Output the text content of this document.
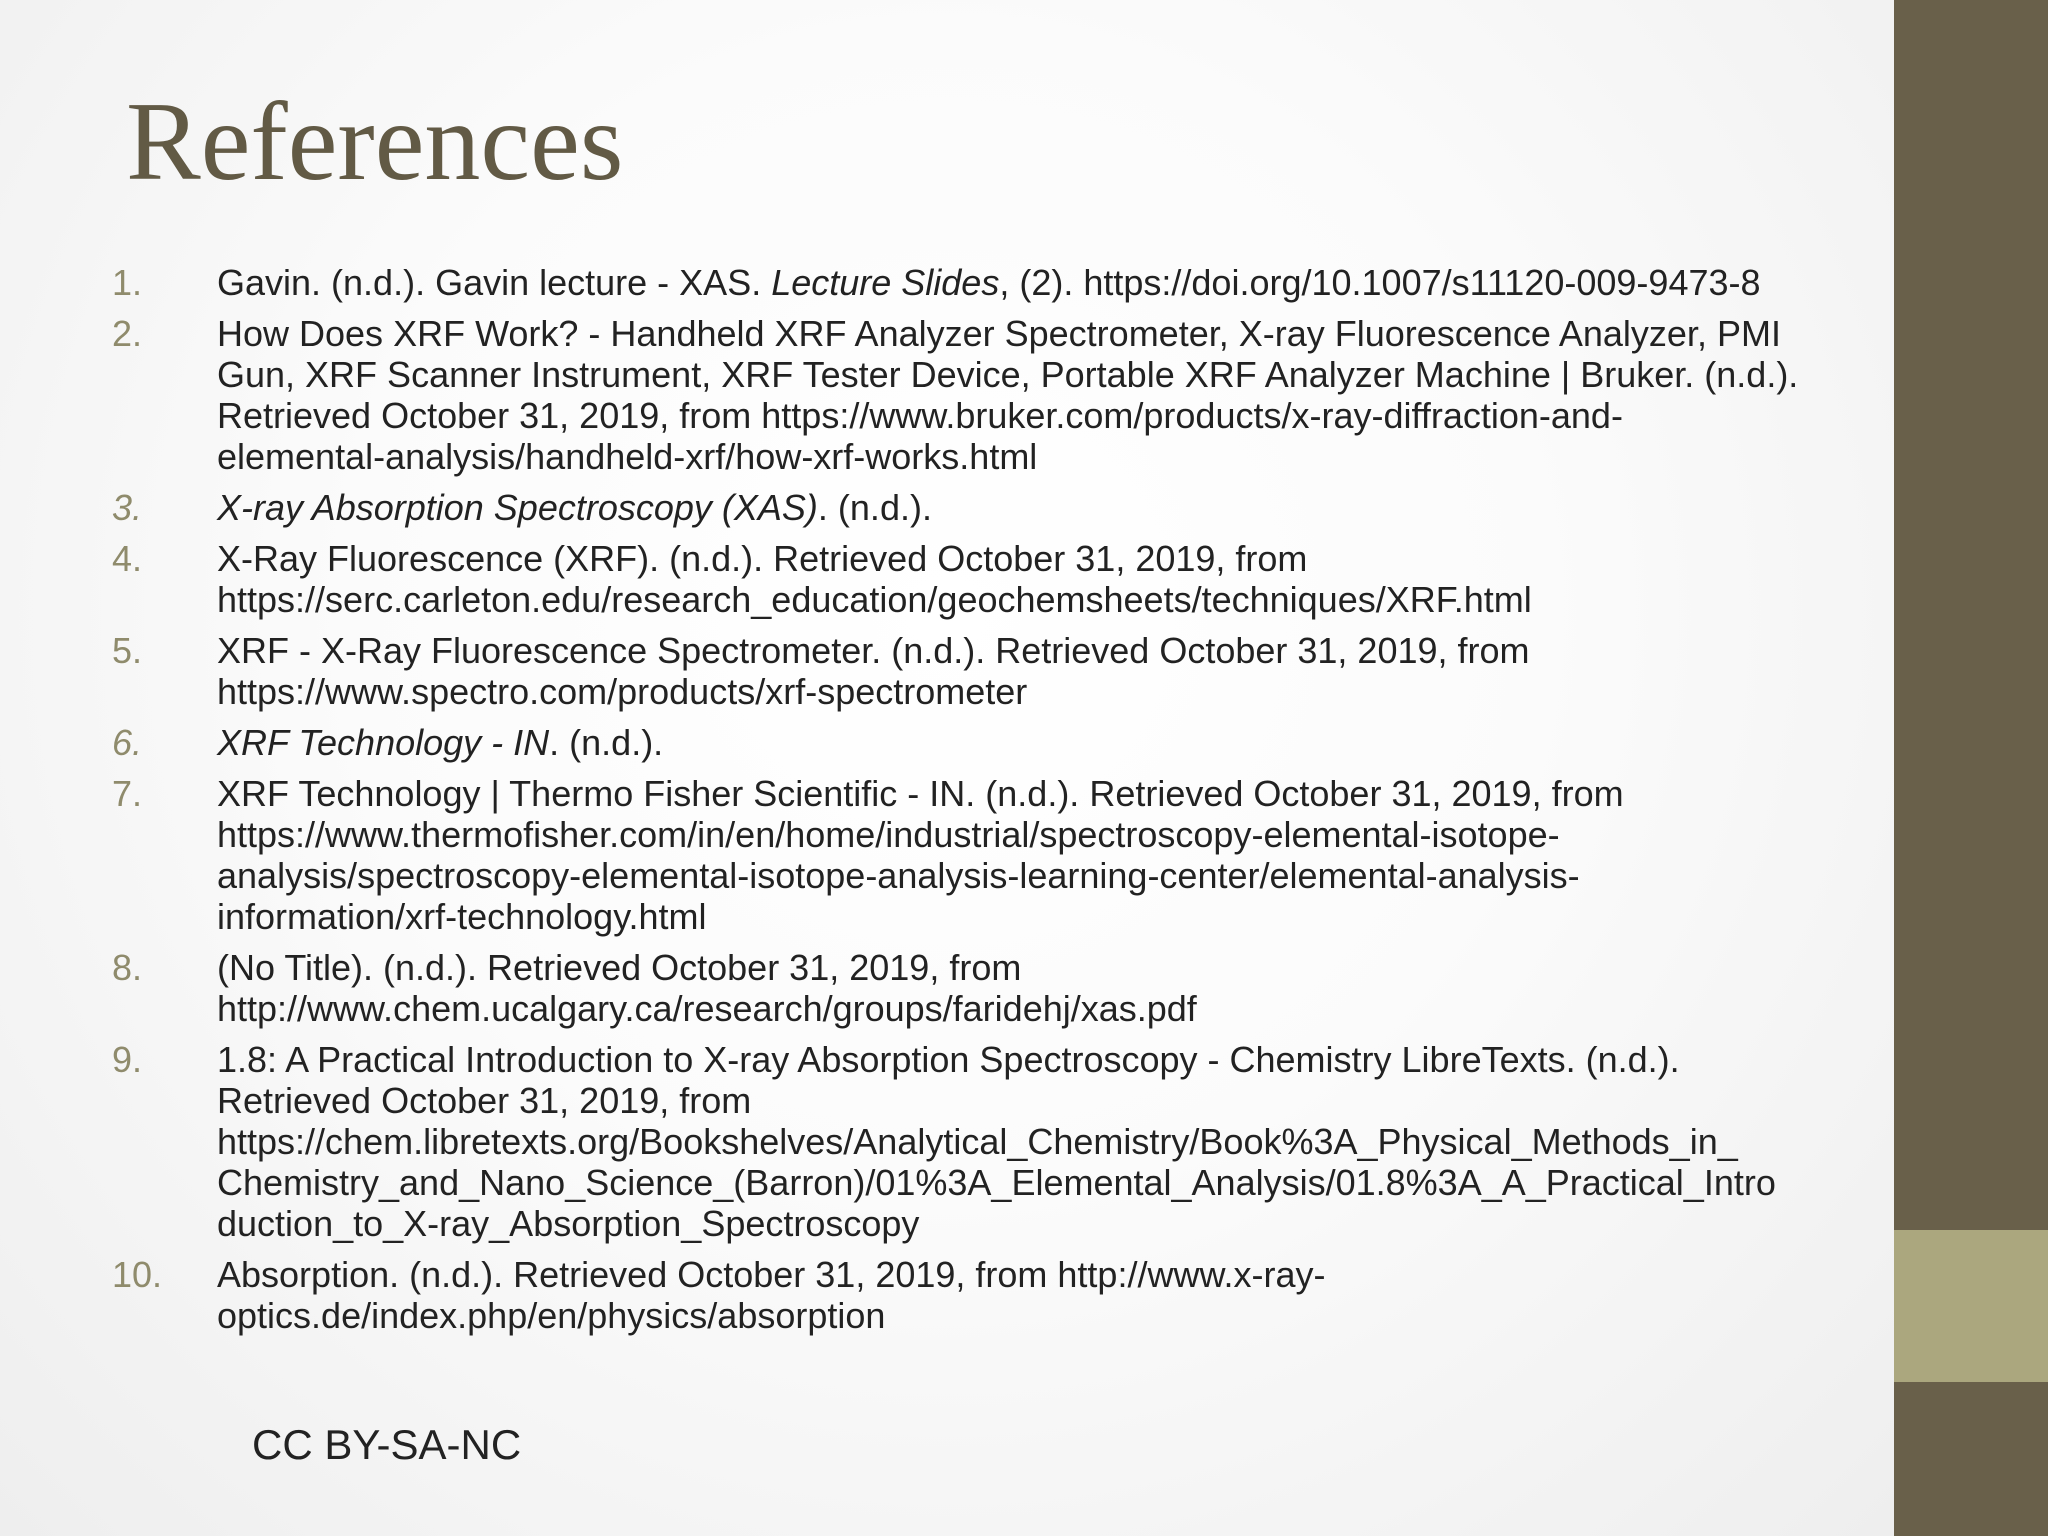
References
1.	Gavin. (n.d.). Gavin lecture - XAS. Lecture Slides, (2). https://doi.org/10.1007/s11120-009-9473-8
2.	How Does XRF Work? - Handheld XRF Analyzer Spectrometer, X-ray Fluorescence Analyzer, PMI
Gun, XRF Scanner Instrument, XRF Tester Device, Portable XRF Analyzer Machine | Bruker. (n.d.).
Retrieved October 31, 2019, from https://www.bruker.com/products/x-ray-diffraction-and-
elemental-analysis/handheld-xrf/how-xrf-works.html
3.	X-ray Absorption Spectroscopy (XAS). (n.d.).
4.	X-Ray Fluorescence (XRF). (n.d.). Retrieved October 31, 2019, from
https://serc.carleton.edu/research_education/geochemsheets/techniques/XRF.html
5.	XRF - X-Ray Fluorescence Spectrometer. (n.d.). Retrieved October 31, 2019, from
https://www.spectro.com/products/xrf-spectrometer
6.	XRF Technology - IN. (n.d.).
7.	XRF Technology | Thermo Fisher Scientific - IN. (n.d.). Retrieved October 31, 2019, from
https://www.thermofisher.com/in/en/home/industrial/spectroscopy-elemental-isotope-
analysis/spectroscopy-elemental-isotope-analysis-learning-center/elemental-analysis-
information/xrf-technology.html
8.	(No Title). (n.d.). Retrieved October 31, 2019, from
http://www.chem.ucalgary.ca/research/groups/faridehj/xas.pdf
9.	1.8: A Practical Introduction to X-ray Absorption Spectroscopy - Chemistry LibreTexts. (n.d.).
Retrieved October 31, 2019, from
https://chem.libretexts.org/Bookshelves/Analytical_Chemistry/Book%3A_Physical_Methods_in_
Chemistry_and_Nano_Science_(Barron)/01%3A_Elemental_Analysis/01.8%3A_A_Practical_Intro
duction_to_X-ray_Absorption_Spectroscopy
10.	Absorption. (n.d.). Retrieved October 31, 2019, from http://www.x-ray-
optics.de/index.php/en/physics/absorption
CC BY-SA-NC
